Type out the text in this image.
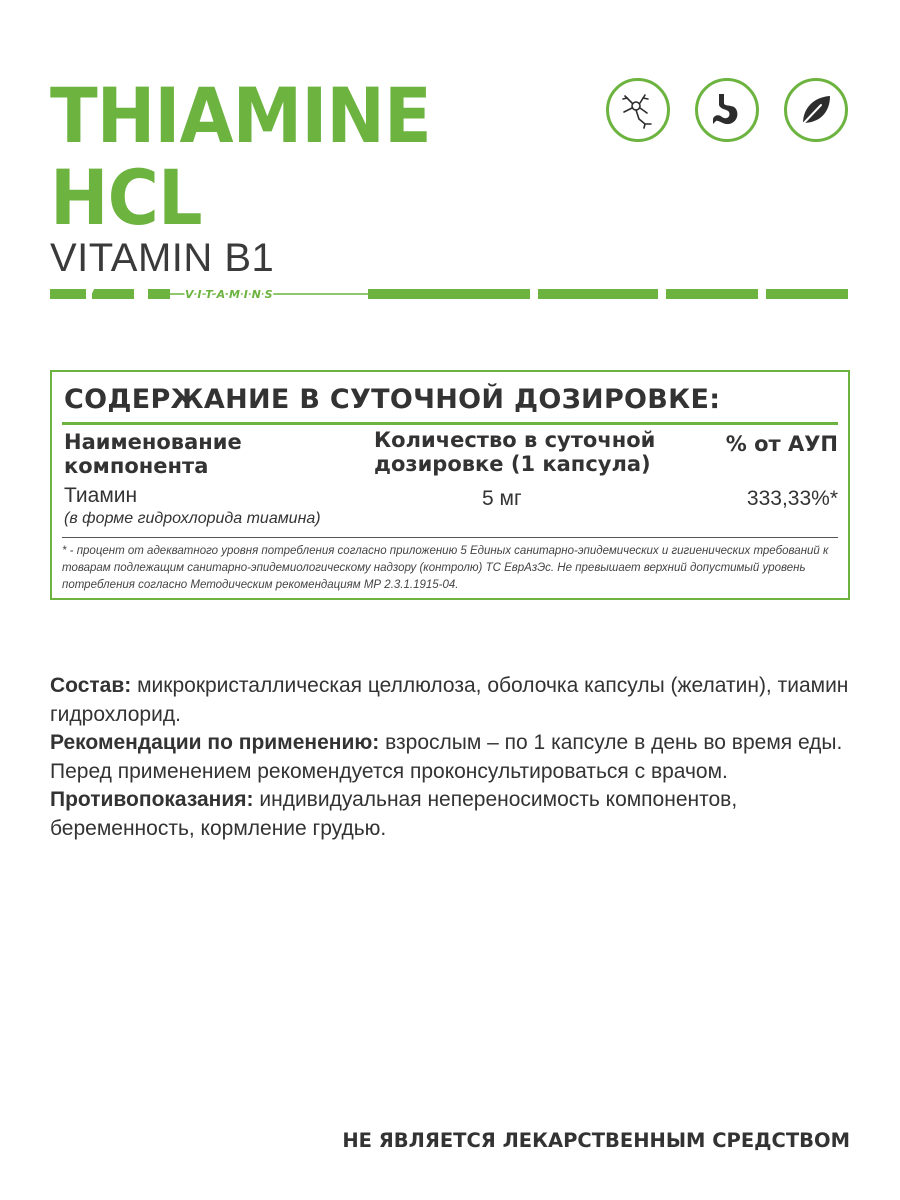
THIAMINE
HCL
VITAMIN B1
V I T A M I N S
СОДЕРЖАНИЕ В СУТОЧНОЙ ДОЗИРОВКЕ:
Наименование
компонента
Количество в суточной
дозировке (1 капсула)
% от АУП
Тиамин
(в форме гидрохлорида тиамина)
5 мг	333,33%*
* - процент от адекватного уровня потребления согласно приложению 5 Единых санитарно-эпидемических и гигиенических требований к товарам подлежащим санитарно-эпидемиологическому надзору (контролю) ТС ЕврАзЭс. Не превышает верхний допустимый уровень потребления согласно Методическим рекомендациям МР 2.3.1.1915-04.
Состав: микрокристаллическая целлюлоза, оболочка капсулы (желатин), тиамин гидрохлорид.
Рекомендации по применению: взрослым – по 1 капсуле в день во время еды. Перед применением рекомендуется проконсультироваться с врачом.
Противопоказания: индивидуальная непереносимость компонентов, беременность, кормление грудью.
НЕ ЯВЛЯЕТСЯ ЛЕКАРСТВЕННЫМ СРЕДСТВОМ
